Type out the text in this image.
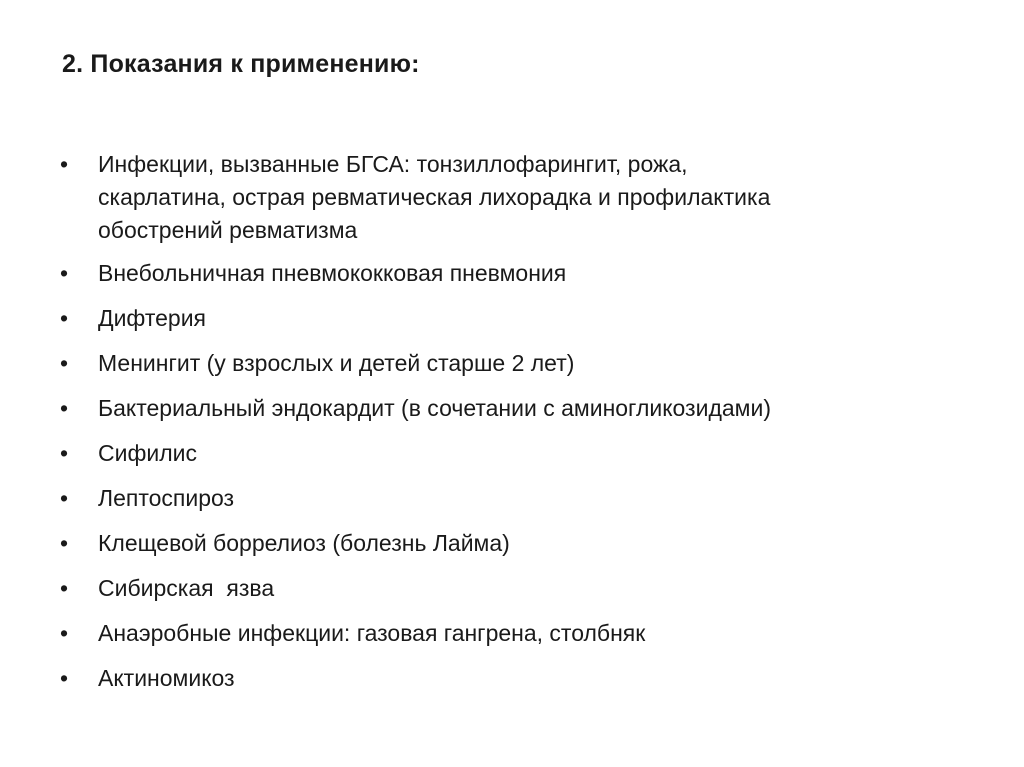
2. Показания к применению:
•	Инфекции, вызванные БГСА: тонзиллофарингит, рожа,
скарлатина, острая ревматическая лихорадка и профилактика
обострений ревматизма
•	Внебольничная пневмококковая пневмония
•	Дифтерия
•	Менингит (у взрослых и детей старше 2 лет)
•	Бактериальный эндокардит (в сочетании с аминогликозидами)
•	Сифилис
•	Лептоспироз
•	Клещевой боррелиоз (болезнь Лайма)
•	Сибирская  язва
•	Анаэробные инфекции: газовая гангрена, столбняк
•	Актиномикоз
